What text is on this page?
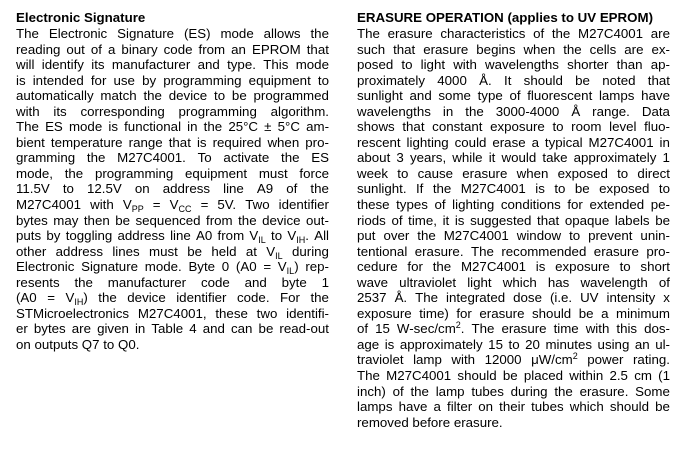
Electronic Signature
The Electronic Signature (ES) mode allows the
reading out of a binary code from an EPROM that
will identify its manufacturer and type. This mode
is intended for use by programming equipment to
automatically match the device to be programmed
with its corresponding programming algorithm.
The ES mode is functional in the 25°C ± 5°C am-
bient temperature range that is required when pro-
gramming the M27C4001. To activate the ES
mode, the programming equipment must force
11.5V to 12.5V on address line A9 of the
M27C4001 with $V_{PP} = V_{CC} = 5V$. Two identifier
bytes may then be sequenced from the device out-
puts by toggling address line A0 from $V_{IL}$ to $V_{IH}$. All
other address lines must be held at $V_{IL}$ during
Electronic Signature mode. Byte 0 $(A0 = V_{IL})$ rep-
resents the manufacturer code and byte 1
$(A0 = V_{IH})$ the device identifier code. For the
STMicroelectronics M27C4001, these two identifi-
er bytes are given in Table 4 and can be read-out
on outputs Q7 to Q0.
ERASURE OPERATION (applies to UV EPROM)
The erasure characteristics of the M27C4001 are
such that erasure begins when the cells are ex-
posed to light with wavelengths shorter than ap-
proximately 4000 Å. It should be noted that
sunlight and some type of fluorescent lamps have
wavelengths in the 3000-4000 Å range. Data
shows that constant exposure to room level fluo-
rescent lighting could erase a typical M27C4001 in
about 3 years, while it would take approximately 1
week to cause erasure when exposed to direct
sunlight. If the M27C4001 is to be exposed to
these types of lighting conditions for extended pe-
riods of time, it is suggested that opaque labels be
put over the M27C4001 window to prevent unin-
tentional erasure. The recommended erasure pro-
cedure for the M27C4001 is exposure to short
wave ultraviolet light which has wavelength of
2537 Å. The integrated dose (i.e. UV intensity x
exposure time) for erasure should be a minimum
of 15 $W-\sec/cm^2$. The erasure time with this dos-
age is approximately 15 to 20 minutes using an ul-
traviolet lamp with 12000 $\mu W/cm^2$ power rating.
The M27C4001 should be placed within 2.5 cm (1
inch) of the lamp tubes during the erasure. Some
lamps have a filter on their tubes which should be
removed before erasure.
